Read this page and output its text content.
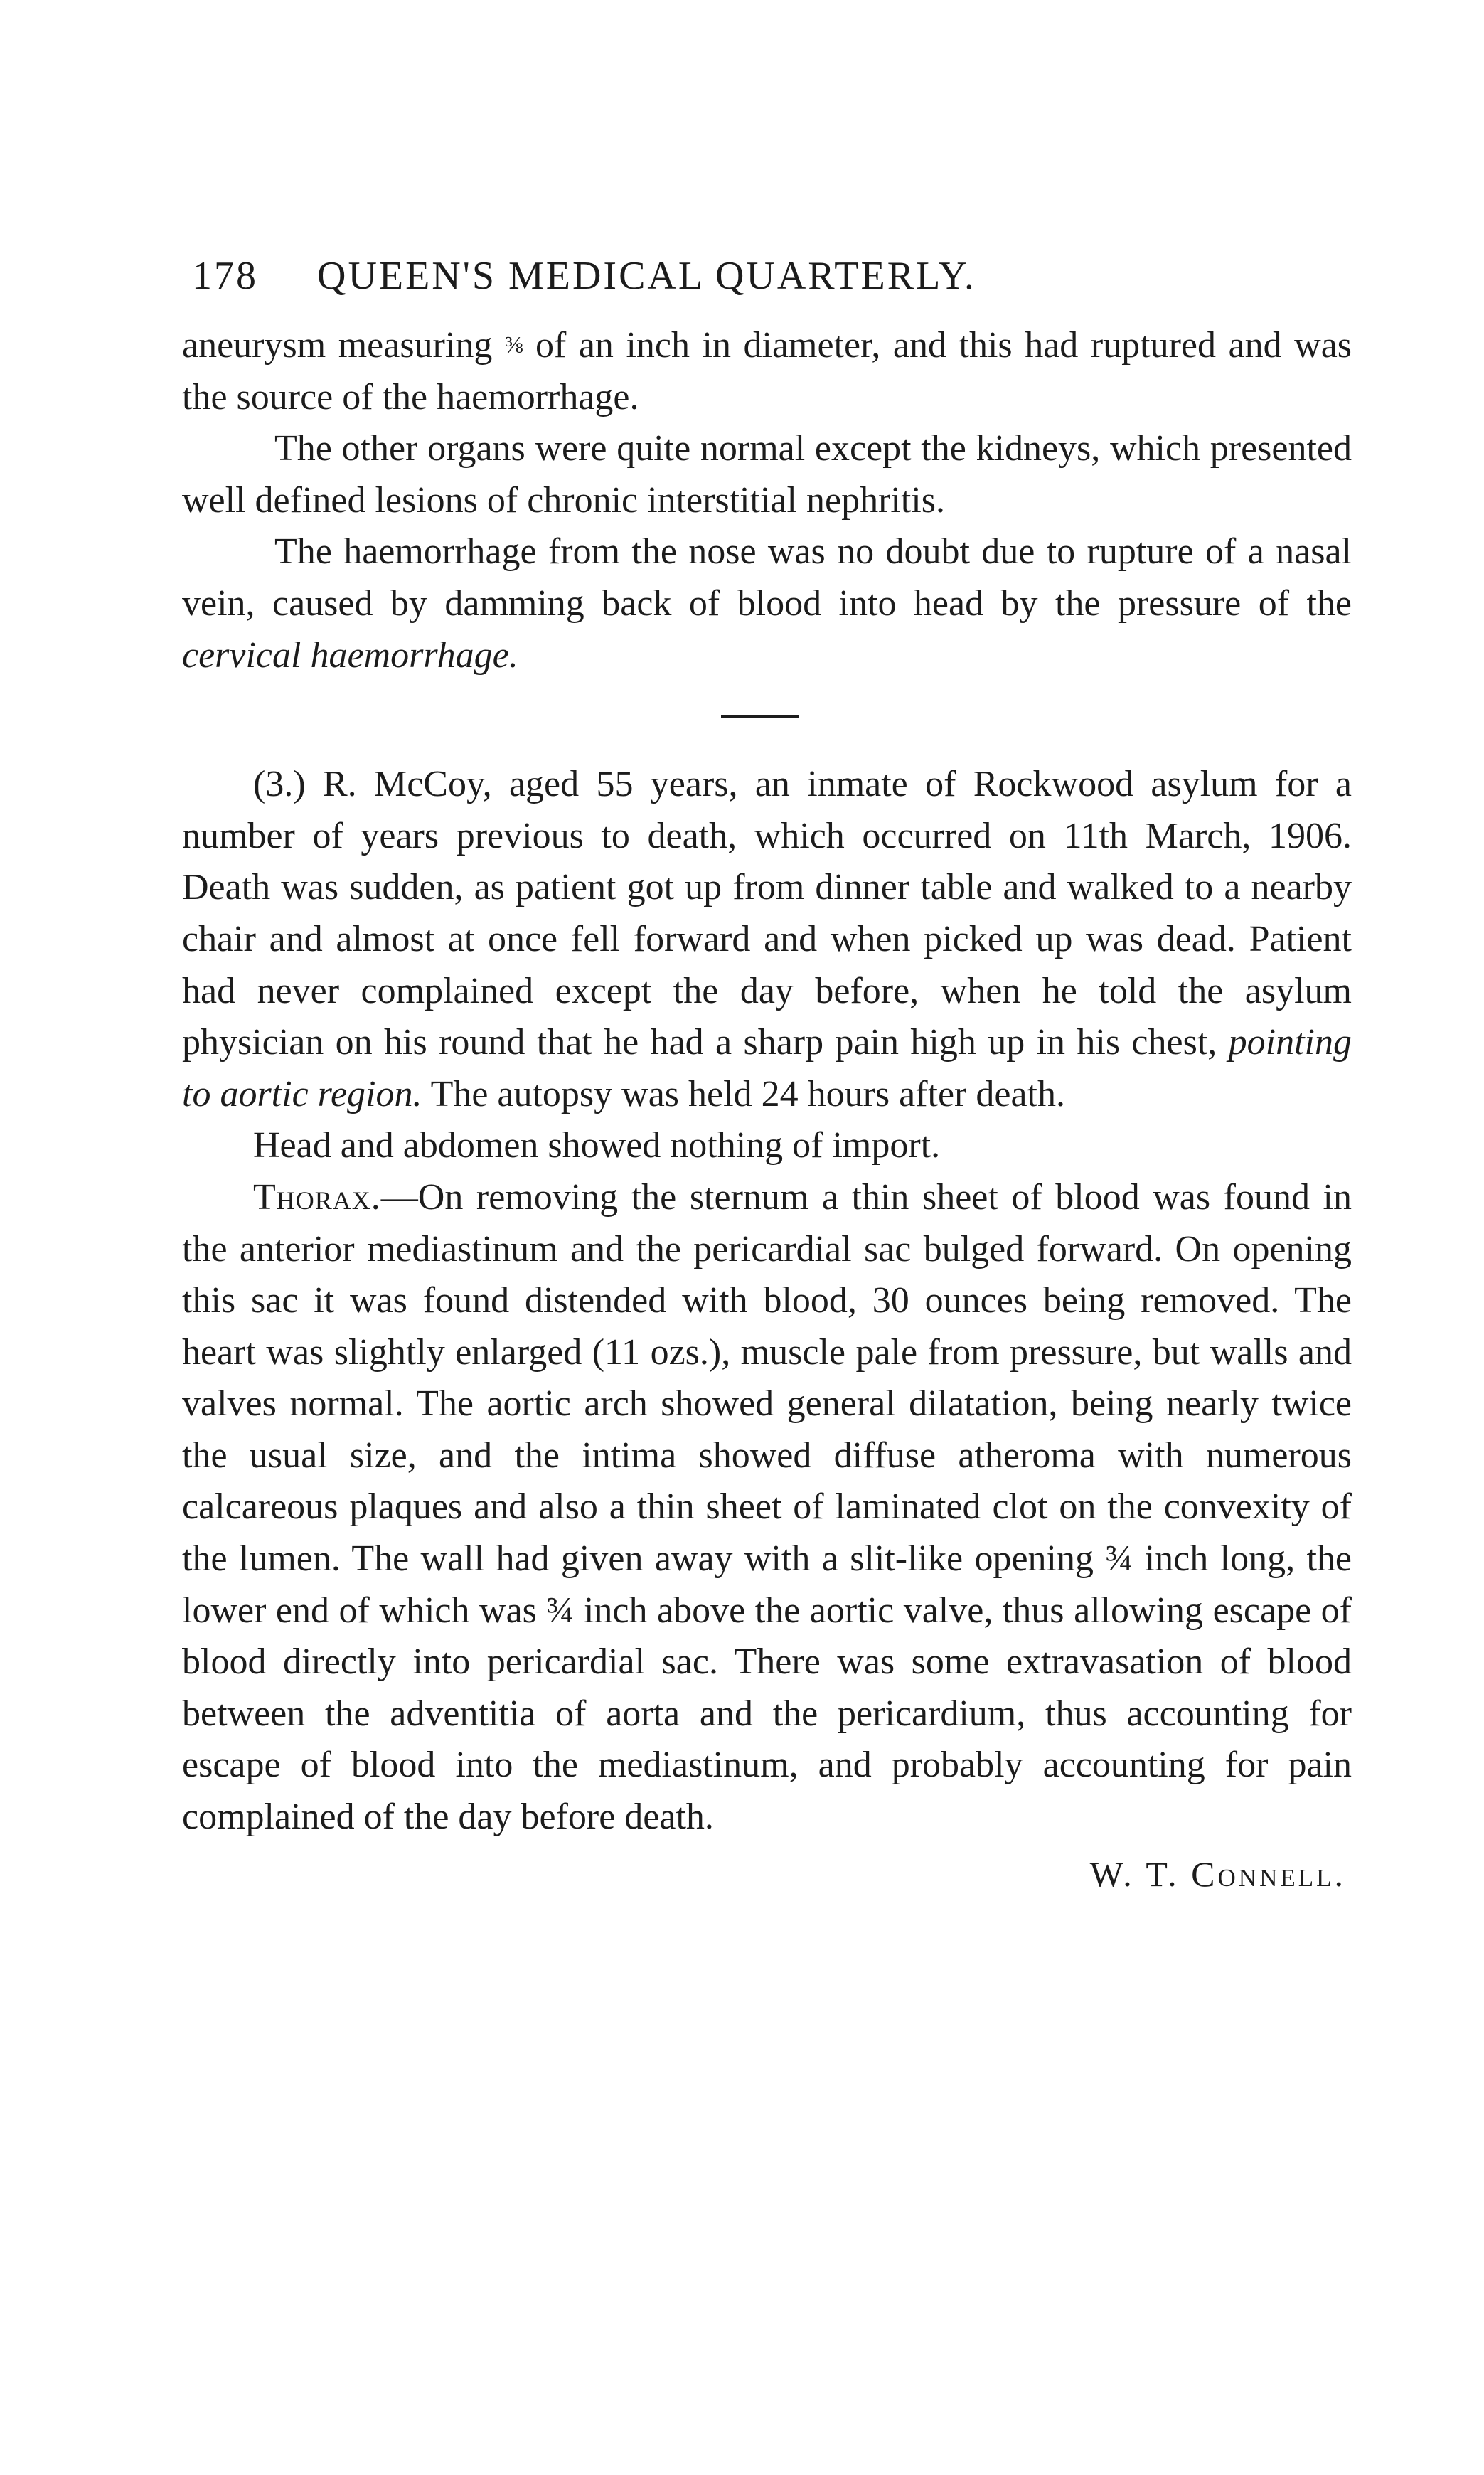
178 QUEEN'S MEDICAL QUARTERLY.

aneurysm measuring ⅜ of an inch in diameter, and this had ruptured and was the source of the haemorrhage.

The other organs were quite normal except the kidneys, which presented well defined lesions of chronic interstitial nephritis.

The haemorrhage from the nose was no doubt due to rupture of a nasal vein, caused by damming back of blood into head by the pressure of the cervical haemorrhage.

(3.) R. McCoy, aged 55 years, an inmate of Rockwood asylum for a number of years previous to death, which occurred on 11th March, 1906. Death was sudden, as patient got up from dinner table and walked to a nearby chair and almost at once fell forward and when picked up was dead. Patient had never complained except the day before, when he told the asylum physician on his round that he had a sharp pain high up in his chest, pointing to aortic region. The autopsy was held 24 hours after death.

Head and abdomen showed nothing of import.

Thorax.—On removing the sternum a thin sheet of blood was found in the anterior mediastinum and the pericardial sac bulged forward. On opening this sac it was found distended with blood, 30 ounces being removed. The heart was slightly enlarged (11 ozs.), muscle pale from pressure, but walls and valves normal. The aortic arch showed general dilatation, being nearly twice the usual size, and the intima showed diffuse atheroma with numerous calcareous plaques and also a thin sheet of laminated clot on the convexity of the lumen. The wall had given away with a slit-like opening ¾ inch long, the lower end of which was ¾ inch above the aortic valve, thus allowing escape of blood directly into pericardial sac. There was some extravasation of blood between the adventitia of aorta and the pericardium, thus accounting for escape of blood into the mediastinum, and probably accounting for pain complained of the day before death.

W. T. Connell.
